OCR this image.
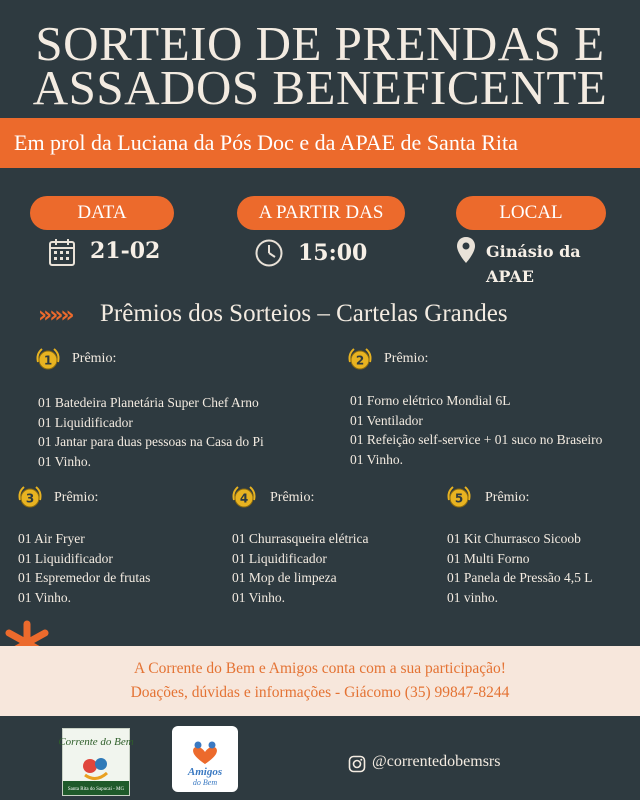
SORTEIO DE PRENDAS E
ASSADOS BENEFICENTE
Em prol da Luciana da Pós Doc e da APAE de Santa Rita
DATA	A PARTIR DAS	LOCAL
21-02	15:00	Ginásio da
APAE
»»» Prêmios dos Sorteios – Cartelas Grandes
1 Prêmio:
01 Batedeira Planetária Super Chef Arno
01 Liquidificador
01 Jantar para duas pessoas na Casa do Pi
01 Vinho.
2 Prêmio:
01 Forno elétrico Mondial 6L
01 Ventilador
01 Refeição self-service + 01 suco no Braseiro
01 Vinho.
3 Prêmio:
01 Air Fryer
01 Liquidificador
01 Espremedor de frutas
01 Vinho.
4 Prêmio:
01 Churrasqueira elétrica
01 Liquidificador
01 Mop de limpeza
01 Vinho.
5 Prêmio:
01 Kit Churrasco Sicoob
01 Multi Forno
01 Panela de Pressão 4,5 L
01 vinho.
A Corrente do Bem e Amigos conta com a sua participação!
Doações, dúvidas e informações - Giácomo (35) 99847-8244
Corrente do Bem
Santa Rita do Sapucaí - MG
Amigos
do Bem
@correntedobemsrs
